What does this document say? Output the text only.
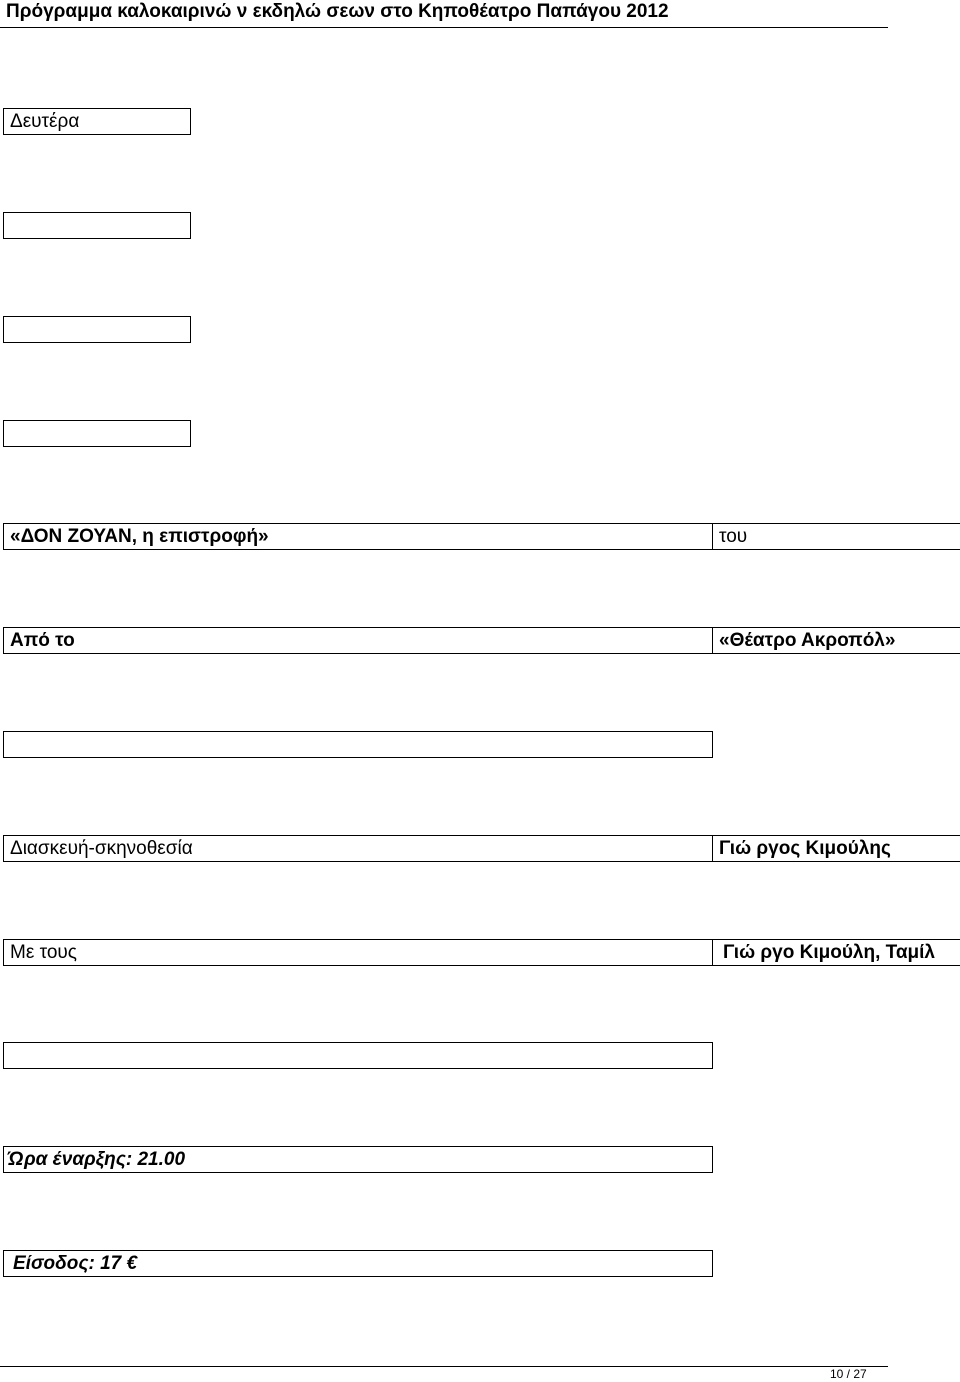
Πρόγραμμα καλοκαιρινώ ν εκδηλώ σεων στο Κηποθέατρο Παπάγου 2012
Δευτέρα
«ΔΟΝ ΖΟΥΑΝ, η επιστροφή»	του
Από το	«Θέατρο Ακροπόλ»
Διασκευή-σκηνοθεσία	Γιώ ργος Κιμούλης
Με τους	Γιώ ργο Κιμούλη, Ταμίλ
Ώρα έναρξης: 21.00
Είσοδος: 17 €
10 / 27
